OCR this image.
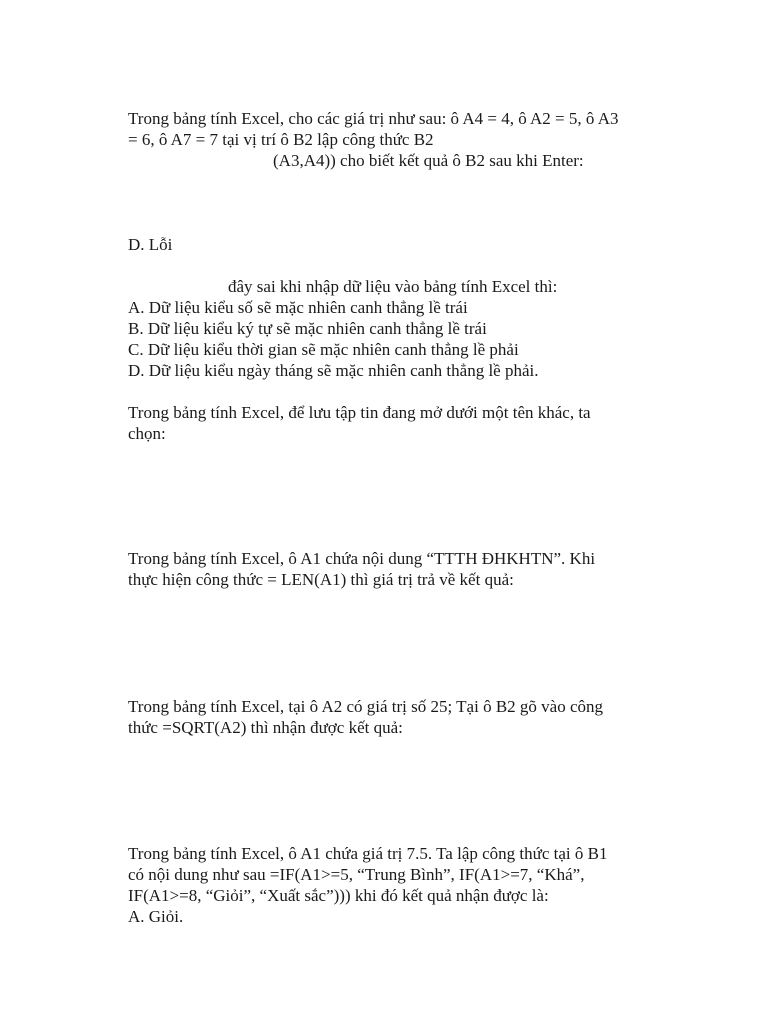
Trong bảng tính Excel, cho các giá trị như sau: ô A4 = 4, ô A2 = 5, ô A3
= 6, ô A7 = 7 tại vị trí ô B2 lập công thức B2
(A3,A4)) cho biết kết quả ô B2 sau khi Enter:
D. Lỗi
đây sai khi nhập dữ liệu vào bảng tính Excel thì:
A. Dữ liệu kiểu số sẽ mặc nhiên canh thẳng lề trái
B. Dữ liệu kiểu ký tự sẽ mặc nhiên canh thẳng lề trái
C. Dữ liệu kiểu thời gian sẽ mặc nhiên canh thẳng lề phải
D. Dữ liệu kiểu ngày tháng sẽ mặc nhiên canh thẳng lề phải.
Trong bảng tính Excel, để lưu tập tin đang mở dưới một tên khác, ta
chọn:
Trong bảng tính Excel, ô A1 chứa nội dung “TTTH ĐHKHTN”. Khi
thực hiện công thức = LEN(A1) thì giá trị trả về kết quả:
Trong bảng tính Excel, tại ô A2 có giá trị số 25; Tại ô B2 gõ vào công
thức =SQRT(A2) thì nhận được kết quả:
Trong bảng tính Excel, ô A1 chứa giá trị 7.5. Ta lập công thức tại ô B1
có nội dung như sau =IF(A1>=5, “Trung Bình”, IF(A1>=7, “Khá”,
IF(A1>=8, “Giỏi”, “Xuất sắc”))) khi đó kết quả nhận được là:
A. Giỏi.
